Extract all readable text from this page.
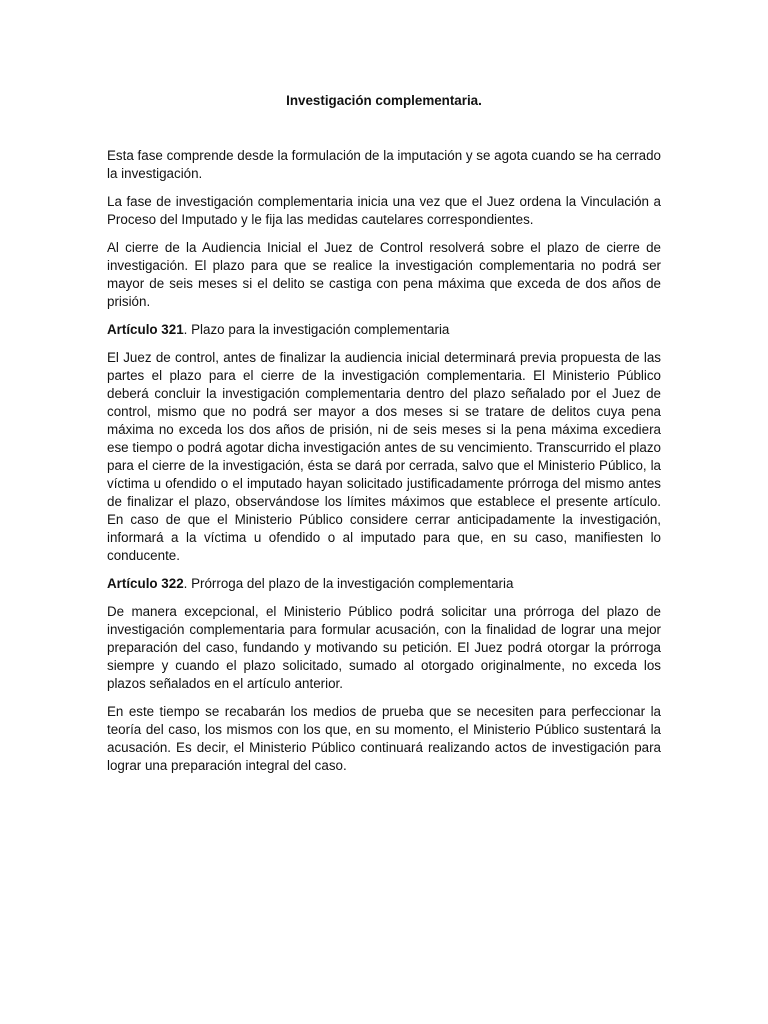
Investigación complementaria.

Esta fase comprende desde la formulación de la imputación y se agota cuando se ha cerrado la investigación.

La fase de investigación complementaria inicia una vez que el Juez ordena la Vinculación a Proceso del Imputado y le fija las medidas cautelares correspondientes.

Al cierre de la Audiencia Inicial el Juez de Control resolverá sobre el plazo de cierre de investigación. El plazo para que se realice la investigación complementaria no podrá ser mayor de seis meses si el delito se castiga con pena máxima que exceda de dos años de prisión.

Artículo 321. Plazo para la investigación complementaria

El Juez de control, antes de finalizar la audiencia inicial determinará previa propuesta de las partes el plazo para el cierre de la investigación complementaria. El Ministerio Público deberá concluir la investigación complementaria dentro del plazo señalado por el Juez de control, mismo que no podrá ser mayor a dos meses si se tratare de delitos cuya pena máxima no exceda los dos años de prisión, ni de seis meses si la pena máxima excediera ese tiempo o podrá agotar dicha investigación antes de su vencimiento. Transcurrido el plazo para el cierre de la investigación, ésta se dará por cerrada, salvo que el Ministerio Público, la víctima u ofendido o el imputado hayan solicitado justificadamente prórroga del mismo antes de finalizar el plazo, observándose los límites máximos que establece el presente artículo. En caso de que el Ministerio Público considere cerrar anticipadamente la investigación, informará a la víctima u ofendido o al imputado para que, en su caso, manifiesten lo conducente.

Artículo 322. Prórroga del plazo de la investigación complementaria

De manera excepcional, el Ministerio Público podrá solicitar una prórroga del plazo de investigación complementaria para formular acusación, con la finalidad de lograr una mejor preparación del caso, fundando y motivando su petición. El Juez podrá otorgar la prórroga siempre y cuando el plazo solicitado, sumado al otorgado originalmente, no exceda los plazos señalados en el artículo anterior.

En este tiempo se recabarán los medios de prueba que se necesiten para perfeccionar la teoría del caso, los mismos con los que, en su momento, el Ministerio Público sustentará la acusación. Es decir, el Ministerio Público continuará realizando actos de investigación para lograr una preparación integral del caso.
